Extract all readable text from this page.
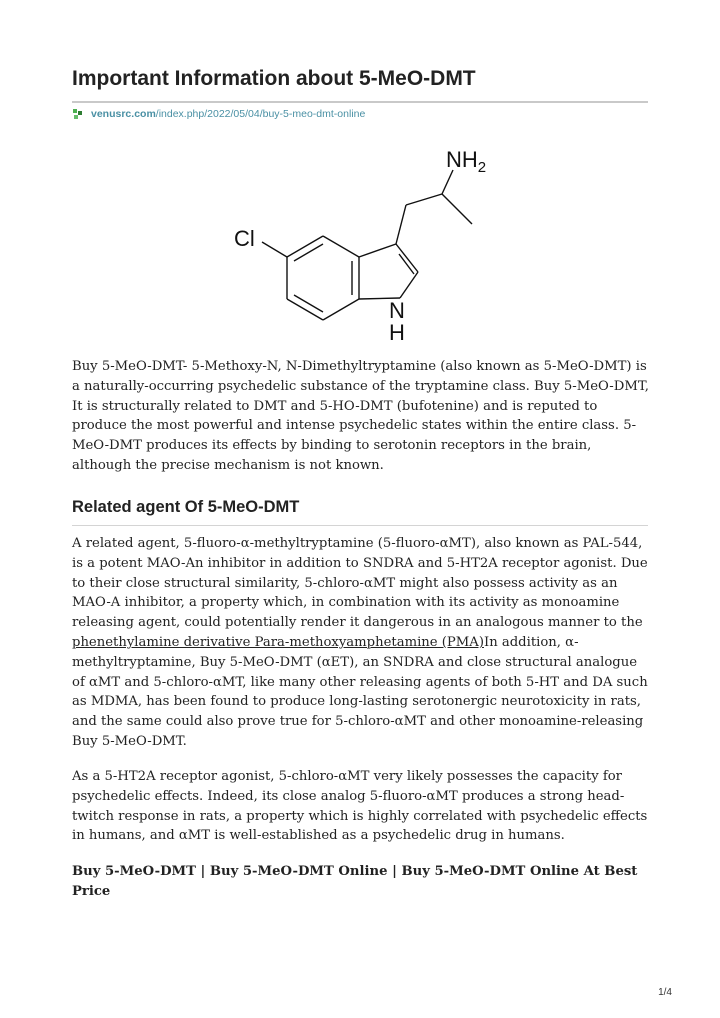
Important Information about 5-MeO-DMT
venusrc.com /index.php/2022/05/04/buy-5-meo-dmt-online
$NH_2$
Cl
N
H

Buy 5-MeO-DMT- 5-Methoxy-N, N-Dimethyltryptamine (also known as 5-MeO-DMT) is a naturally-occurring psychedelic substance of the tryptamine class. Buy 5-MeO-DMT, It is structurally related to DMT and 5-HO-DMT (bufotenine) and is reputed to produce the most powerful and intense psychedelic states within the entire class. 5-MeO-DMT produces its effects by binding to serotonin receptors in the brain, although the precise mechanism is not known.

Related agent Of 5-MeO-DMT

A related agent, 5-fluoro-α-methyltryptamine (5-fluoro-αMT), also known as PAL-544, is a potent MAO-An inhibitor in addition to SNDRA and 5-HT2A receptor agonist. Due to their close structural similarity, 5-chloro-αMT might also possess activity as an MAO-A inhibitor, a property which, in combination with its activity as monoamine releasing agent, could potentially render it dangerous in an analogous manner to the phenethylamine derivative Para-methoxyamphetamine (PMA)In addition, α-methyltryptamine, Buy 5-MeO-DMT (αET), an SNDRA and close structural analogue of αMT and 5-chloro-αMT, like many other releasing agents of both 5-HT and DA such as MDMA, has been found to produce long-lasting serotonergic neurotoxicity in rats, and the same could also prove true for 5-chloro-αMT and other monoamine-releasing Buy 5-MeO-DMT.

As a 5-HT2A receptor agonist, 5-chloro-αMT very likely possesses the capacity for psychedelic effects. Indeed, its close analog 5-fluoro-αMT produces a strong head-twitch response in rats, a property which is highly correlated with psychedelic effects in humans, and αMT is well-established as a psychedelic drug in humans.

Buy 5-MeO-DMT | Buy 5-MeO-DMT Online | Buy 5-MeO-DMT Online At Best Price

1/4
